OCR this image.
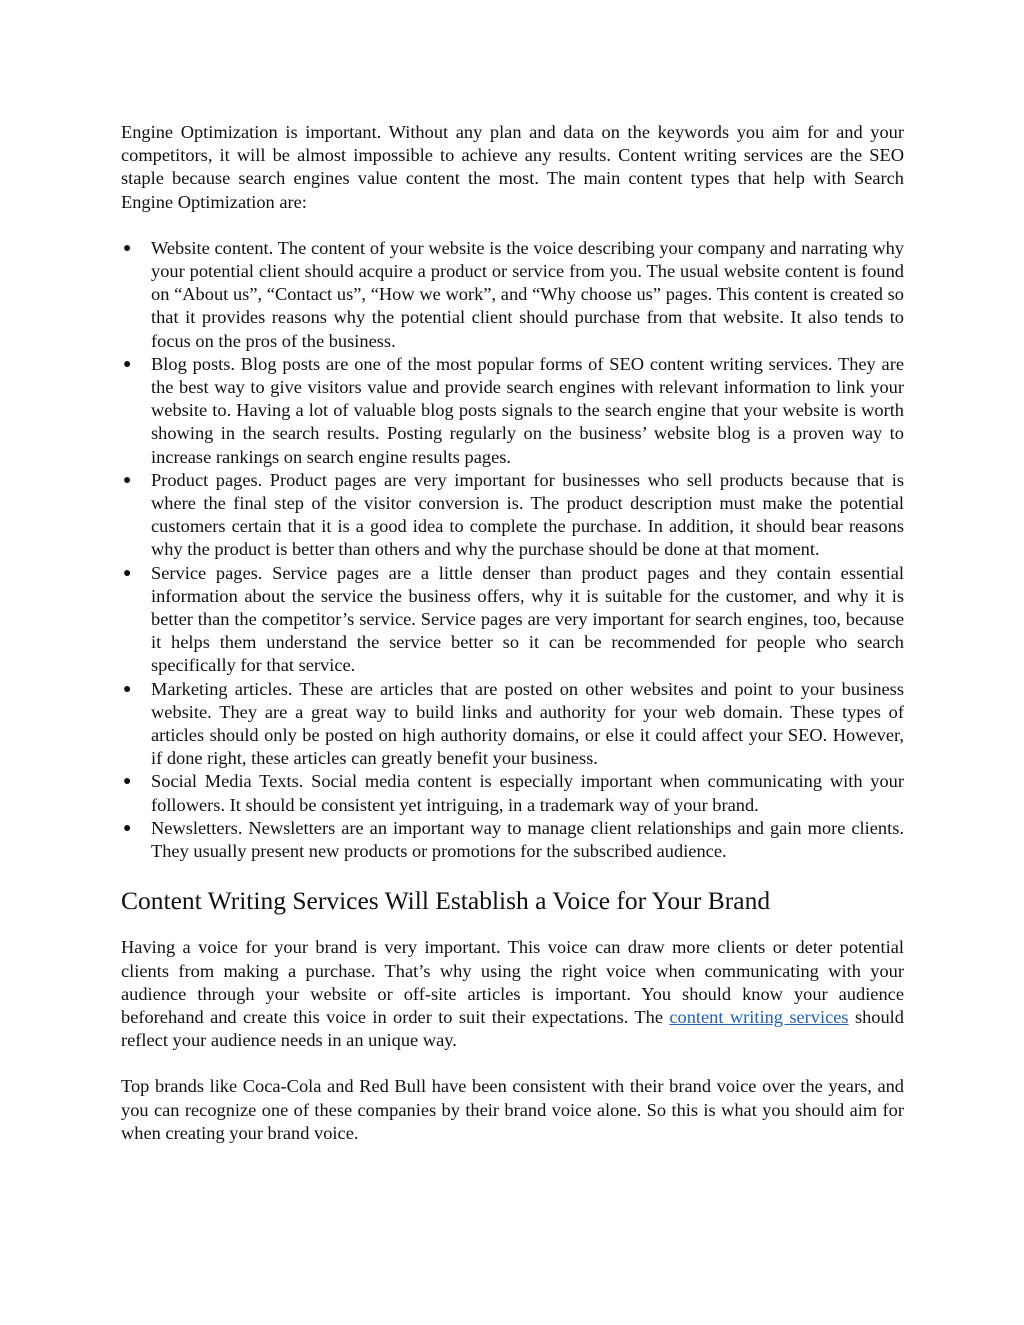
Engine Optimization is important. Without any plan and data on the keywords you aim for and your competitors, it will be almost impossible to achieve any results. Content writing services are the SEO staple because search engines value content the most. The main content types that help with Search Engine Optimization are:

● Website content. The content of your website is the voice describing your company and narrating why your potential client should acquire a product or service from you. The usual website content is found on “About us”, “Contact us”, “How we work”, and “Why choose us” pages. This content is created so that it provides reasons why the potential client should purchase from that website. It also tends to focus on the pros of the business.
● Blog posts. Blog posts are one of the most popular forms of SEO content writing services. They are the best way to give visitors value and provide search engines with relevant information to link your website to. Having a lot of valuable blog posts signals to the search engine that your website is worth showing in the search results. Posting regularly on the business’ website blog is a proven way to increase rankings on search engine results pages.
● Product pages. Product pages are very important for businesses who sell products because that is where the final step of the visitor conversion is. The product description must make the potential customers certain that it is a good idea to complete the purchase. In addition, it should bear reasons why the product is better than others and why the purchase should be done at that moment.
● Service pages. Service pages are a little denser than product pages and they contain essential information about the service the business offers, why it is suitable for the customer, and why it is better than the competitor’s service. Service pages are very important for search engines, too, because it helps them understand the service better so it can be recommended for people who search specifically for that service.
● Marketing articles. These are articles that are posted on other websites and point to your business website. They are a great way to build links and authority for your web domain. These types of articles should only be posted on high authority domains, or else it could affect your SEO. However, if done right, these articles can greatly benefit your business.
● Social Media Texts. Social media content is especially important when communicating with your followers. It should be consistent yet intriguing, in a trademark way of your brand.
● Newsletters. Newsletters are an important way to manage client relationships and gain more clients. They usually present new products or promotions for the subscribed audience.
Content Writing Services Will Establish a Voice for Your Brand

Having a voice for your brand is very important. This voice can draw more clients or deter potential clients from making a purchase. That’s why using the right voice when communicating with your audience through your website or off-site articles is important. You should know your audience beforehand and create this voice in order to suit their expectations. The content writing services should reflect your audience needs in an unique way.

Top brands like Coca-Cola and Red Bull have been consistent with their brand voice over the years, and you can recognize one of these companies by their brand voice alone. So this is what you should aim for when creating your brand voice.
